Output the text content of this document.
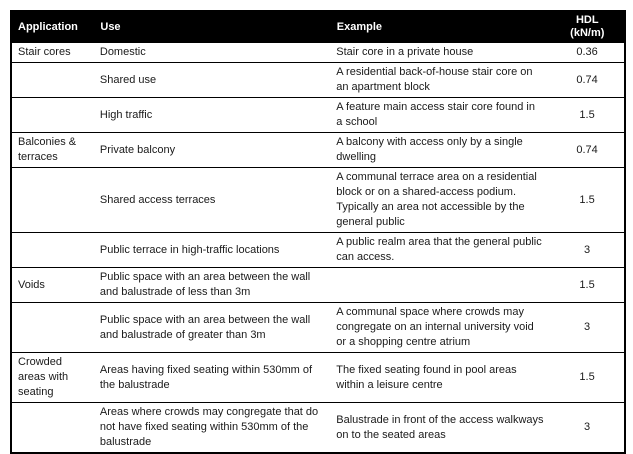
Application	Use	Example	HDL
(kN/m)

Stair cores	Domestic	Stair core in a private house	0.36
	Shared use	A residential back-of-house stair core on an apartment block	0.74
	High traffic	A feature main access stair core found in a school	1.5
Balconies & terraces	Private balcony	A balcony with access only by a single dwelling	0.74
	Shared access terraces	A communal terrace area on a residential block or on a shared-access podium. Typically an area not accessible by the general public	1.5
	Public terrace in high-traffic locations	A public realm area that the general public can access.	3
Voids	Public space with an area between the wall and balustrade of less than 3m		1.5
	Public space with an area between the wall and balustrade of greater than 3m	A communal space where crowds may congregate on an internal university void or a shopping centre atrium	3
Crowded areas with seating	Areas having fixed seating within 530mm of the balustrade	The fixed seating found in pool areas within a leisure centre	1.5
	Areas where crowds may congregate that do not have fixed seating within 530mm of the balustrade	Balustrade in front of the access walkways on to the seated areas	3
